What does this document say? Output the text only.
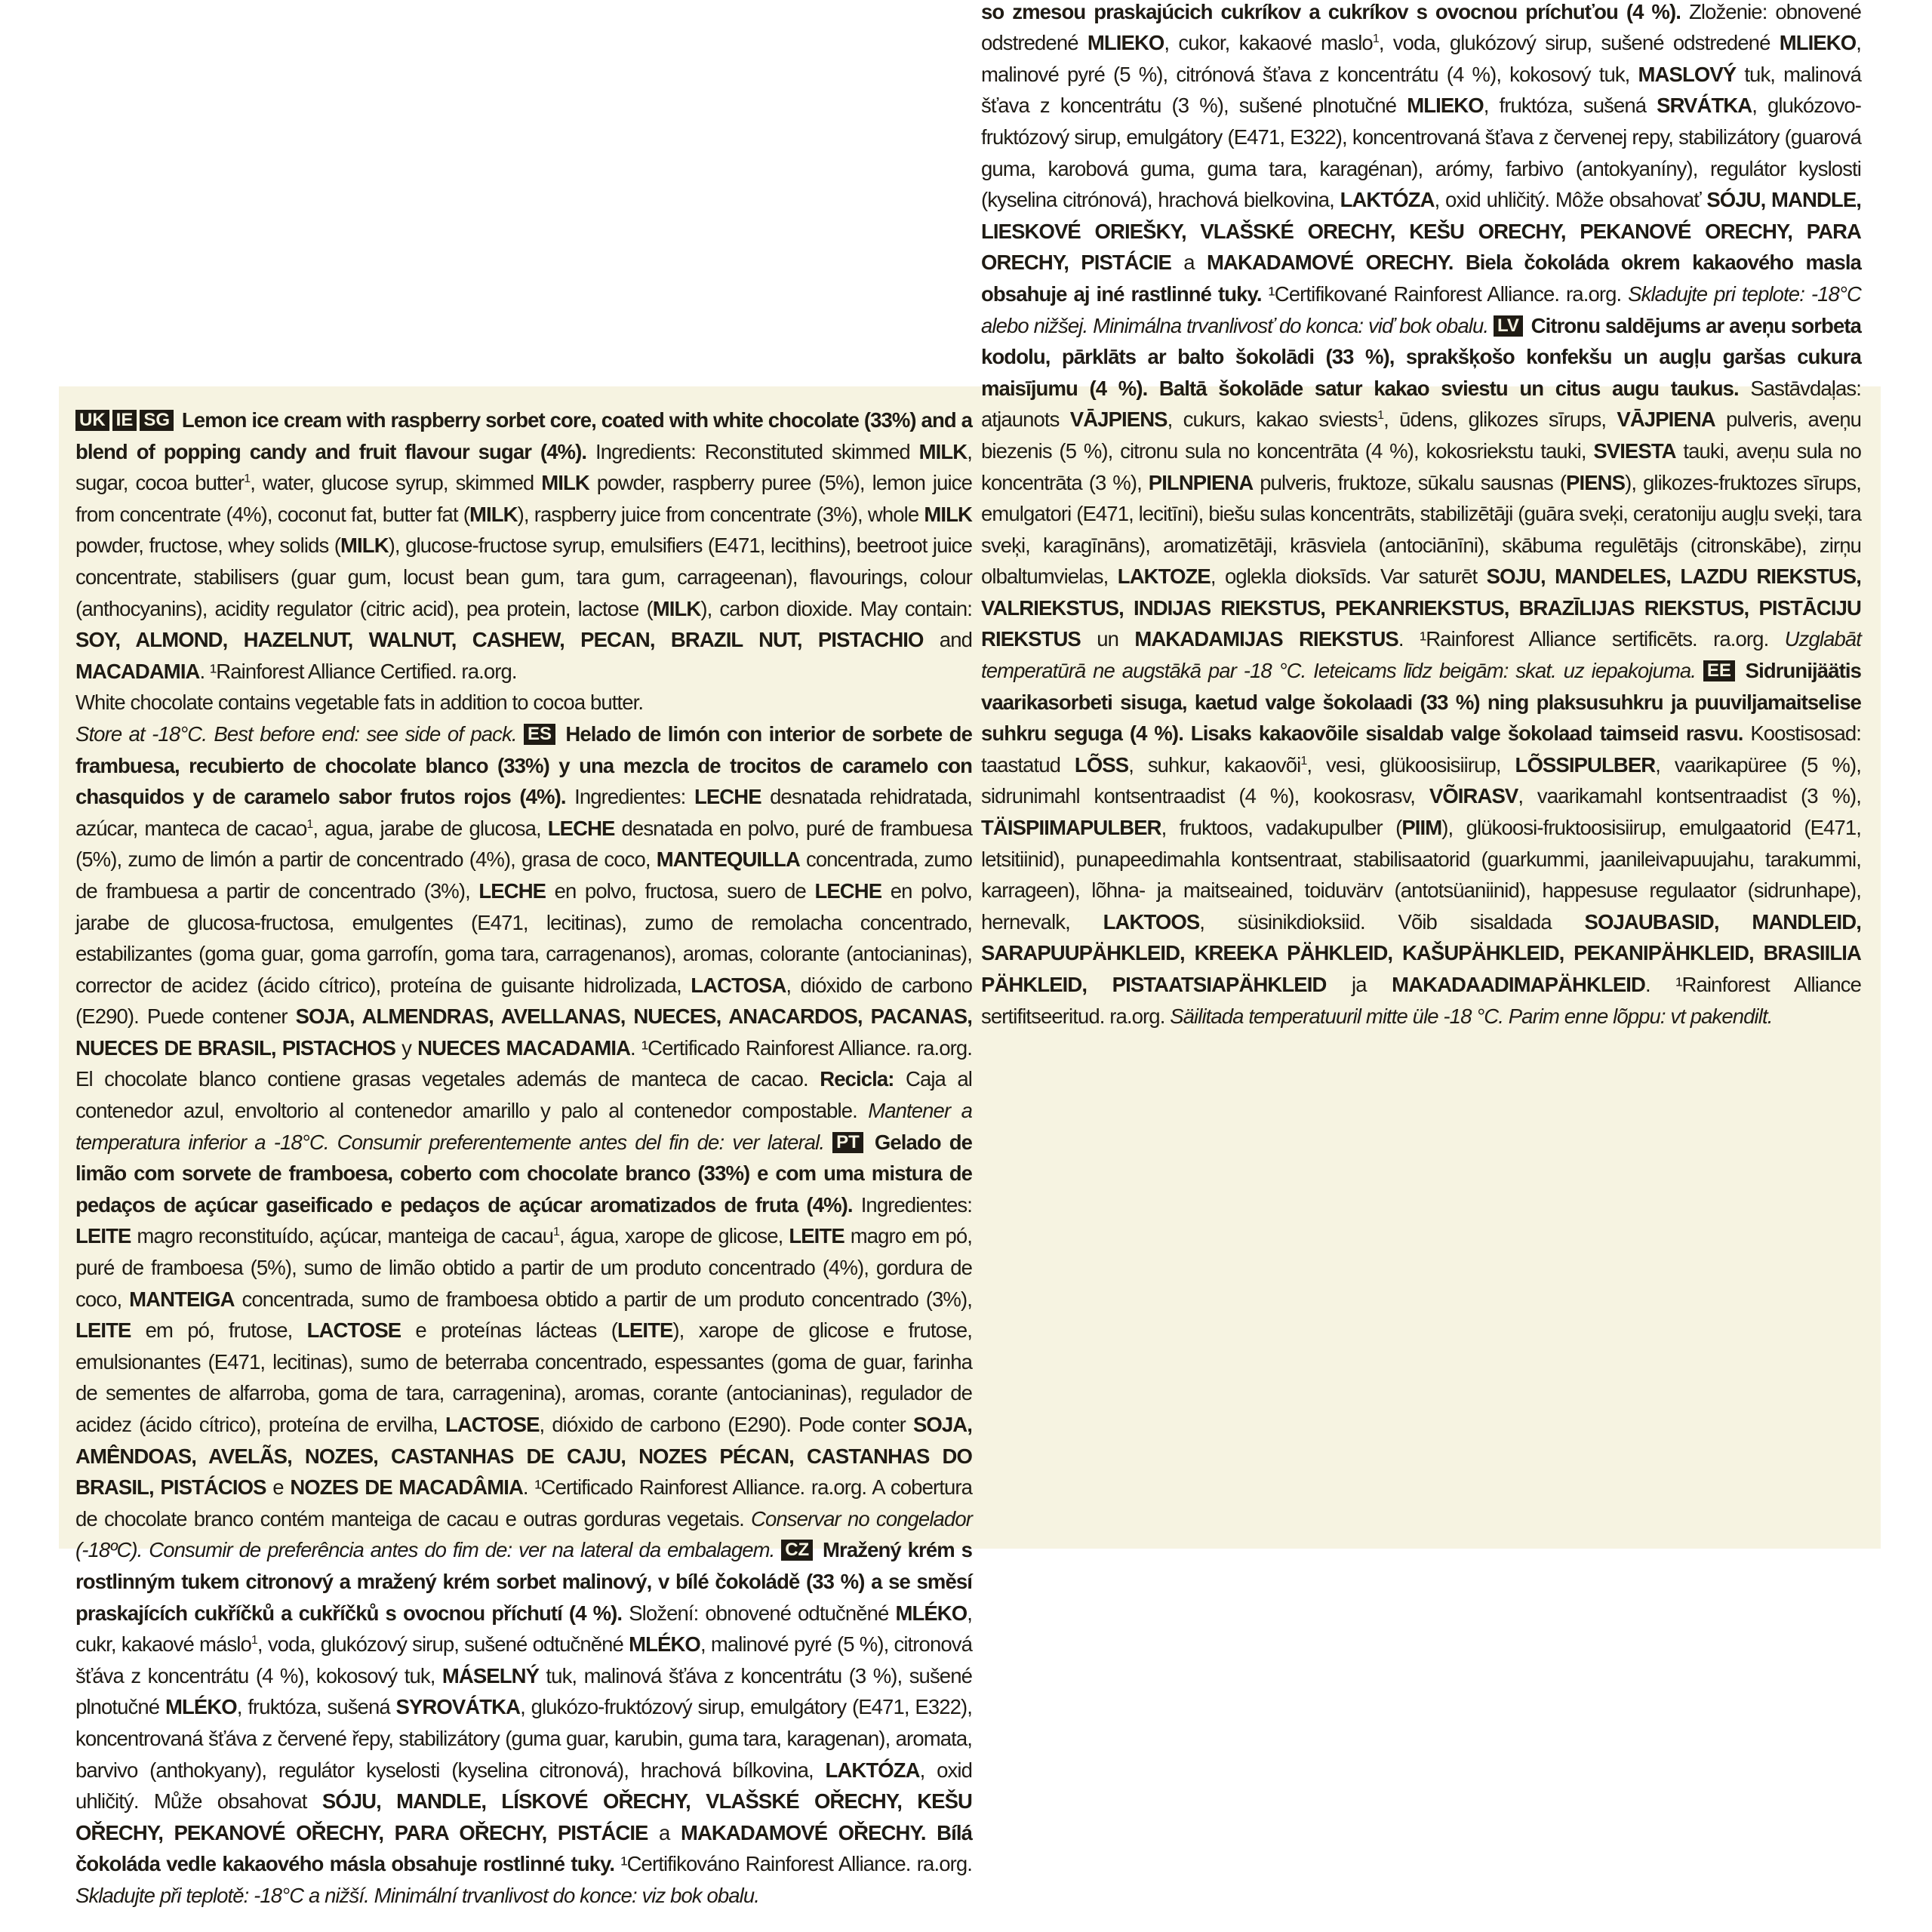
UK IE SG Lemon ice cream with raspberry sorbet core, coated with white chocolate (33%) and a blend of popping candy and fruit flavour sugar (4%). Ingredients: Reconstituted skimmed MILK, sugar, cocoa butter$^1$, water, glucose syrup, skimmed MILK powder, raspberry puree (5%), lemon juice from concentrate (4%), coconut fat, butter fat (MILK), raspberry juice from concentrate (3%), whole MILK powder, fructose, whey solids (MILK), glucose-fructose syrup, emulsifiers (E471, lecithins), beetroot juice concentrate, stabilisers (guar gum, locust bean gum, tara gum, carrageenan), flavourings, colour (anthocyanins), acidity regulator (citric acid), pea protein, lactose (MILK), carbon dioxide. May contain: SOY, ALMOND, HAZELNUT, WALNUT, CASHEW, PECAN, BRAZIL NUT, PISTACHIO and MACADAMIA. ¹Rainforest Alliance Certified. ra.org.

White chocolate contains vegetable fats in addition to cocoa butter.

Store at -18°C. Best before end: see side of pack. ES Helado de limón con interior de sorbete de frambuesa, recubierto de chocolate blanco (33%) y una mezcla de trocitos de caramelo con chasquidos y de caramelo sabor frutos rojos (4%). Ingredientes: LECHE desnatada rehidratada, azúcar, manteca de cacao$^1$, agua, jarabe de glucosa, LECHE desnatada en polvo, puré de frambuesa (5%), zumo de limón a partir de concentrado (4%), grasa de coco, MANTEQUILLA concentrada, zumo de frambuesa a partir de concentrado (3%), LECHE en polvo, fructosa, suero de LECHE en polvo, jarabe de glucosa-fructosa, emulgentes (E471, lecitinas), zumo de remolacha concentrado, estabilizantes (goma guar, goma garrofín, goma tara, carragenanos), aromas, colorante (antocianinas), corrector de acidez (ácido cítrico), proteína de guisante hidrolizada, LACTOSA, dióxido de carbono (E290). Puede contener SOJA, ALMENDRAS, AVELLANAS, NUECES, ANACARDOS, PACANAS, NUECES DE BRASIL, PISTACHOS y NUECES MACADAMIA. ¹Certificado Rainforest Alliance. ra.org. El chocolate blanco contiene grasas vegetales además de manteca de cacao. Recicla: Caja al contenedor azul, envoltorio al contenedor amarillo y palo al contenedor compostable. Mantener a temperatura inferior a -18°C. Consumir preferentemente antes del fin de: ver lateral. PT Gelado de limão com sorvete de framboesa, coberto com chocolate branco (33%) e com uma mistura de pedaços de açúcar gaseificado e pedaços de açúcar aromatizados de fruta (4%). Ingredientes: LEITE magro reconstituído, açúcar, manteiga de cacau$^1$, água, xarope de glicose, LEITE magro em pó, puré de framboesa (5%), sumo de limão obtido a partir de um produto concentrado (4%), gordura de coco, MANTEIGA concentrada, sumo de framboesa obtido a partir de um produto concentrado (3%), LEITE em pó, frutose, LACTOSE e proteínas lácteas (LEITE), xarope de glicose e frutose, emulsionantes (E471, lecitinas), sumo de beterraba concentrado, espessantes (goma de guar, farinha de sementes de alfarroba, goma de tara, carragenina), aromas, corante (antocianinas), regulador de acidez (ácido cítrico), proteína de ervilha, LACTOSE, dióxido de carbono (E290). Pode conter SOJA, AMÊNDOAS, AVELÃS, NOZES, CASTANHAS DE CAJU, NOZES PÉCAN, CASTANHAS DO BRASIL, PISTÁCIOS e NOZES DE MACADÂMIA. ¹Certificado Rainforest Alliance. ra.org. A cobertura de chocolate branco contém manteiga de cacau e outras gorduras vegetais. Conservar no congelador (-18ºC). Consumir de preferência antes do fim de: ver na lateral da embalagem. CZ Mražený krém s rostlinným tukem citronový a mražený krém sorbet malinový, v bílé čokoládě (33 %) a se směsí praskajících cukříčků a cukříčků s ovocnou příchutí (4 %). Složení: obnovené odtučněné MLÉKO, cukr, kakaové máslo$^1$, voda, glukózový sirup, sušené odtučněné MLÉKO, malinové pyré (5 %), citronová šťáva z koncentrátu (4 %), kokosový tuk, MÁSELNÝ tuk, malinová šťáva z koncentrátu (3 %), sušené plnotučné MLÉKO, fruktóza, sušená SYROVÁTKA, glukózo-fruktózový sirup, emulgátory (E471, E322), koncentrovaná šťáva z červené řepy, stabilizátory (guma guar, karubin, guma tara, karagenan), aromata, barvivo (anthokyany), regulátor kyselosti (kyselina citronová), hrachová bílkovina, LAKTÓZA, oxid uhličitý. Může obsahovat SÓJU, MANDLE, LÍSKOVÉ OŘECHY, VLAŠSKÉ OŘECHY, KEŠU OŘECHY, PEKANOVÉ OŘECHY, PARA OŘECHY, PISTÁCIE a MAKADAMOVÉ OŘECHY. Bílá čokoláda vedle kakaového másla obsahuje rostlinné tuky. ¹Certifikováno Rainforest Alliance. ra.org. Skladujte při teplotě: -18°C a nižší. Minimální trvanlivost do konce: viz bok obalu.

so zmesou praskajúcich cukríkov a cukríkov s ovocnou príchuťou (4 %). Zloženie: obnovené odstredené MLIEKO, cukor, kakaové maslo$^1$, voda, glukózový sirup, sušené odstredené MLIEKO, malinové pyré (5 %), citrónová šťava z koncentrátu (4 %), kokosový tuk, MASLOVÝ tuk, malinová šťava z koncentrátu (3 %), sušené plnotučné MLIEKO, fruktóza, sušená SRVÁTKA, glukózovo-fruktózový sirup, emulgátory (E471, E322), koncentrovaná šťava z červenej repy, stabilizátory (guarová guma, karobová guma, guma tara, karagénan), arómy, farbivo (antokyaníny), regulátor kyslosti (kyselina citrónová), hrachová bielkovina, LAKTÓZA, oxid uhličitý. Môže obsahovať SÓJU, MANDLE, LIESKOVÉ ORIEŠKY, VLAŠSKÉ ORECHY, KEŠU ORECHY, PEKANOVÉ ORECHY, PARA ORECHY, PISTÁCIE a MAKADAMOVÉ ORECHY. Biela čokoláda okrem kakaového masla obsahuje aj iné rastlinné tuky. ¹Certifikované Rainforest Alliance. ra.org. Skladujte pri teplote: -18°C alebo nižšej. Minimálna trvanlivosť do konca: viď bok obalu. LV Citronu saldējums ar aveņu sorbeta kodolu, pārklāts ar balto šokolādi (33 %), sprakšķošo konfekšu un augļu garšas cukura maisījumu (4 %). Baltā šokolāde satur kakao sviestu un citus augu taukus. Sastāvdaļas: atjaunots VĀJPIENS, cukurs, kakao sviests$^1$, ūdens, glikozes sīrups, VĀJPIENA pulveris, aveņu biezenis (5 %), citronu sula no koncentrāta (4 %), kokosriekstu tauki, SVIESTA tauki, aveņu sula no koncentrāta (3 %), PILNPIENA pulveris, fruktoze, sūkalu sausnas (PIENS), glikozes-fruktozes sīrups, emulgatori (E471, lecitīni), biešu sulas koncentrāts, stabilizētāji (guāra sveķi, ceratoniju augļu sveķi, tara sveķi, karagīnāns), aromatizētāji, krāsviela (antociānīni), skābuma regulētājs (citronskābe), zirņu olbaltumvielas, LAKTOZE, ogleklа dioksīds. Var saturēt SOJU, MANDELES, LAZDU RIEKSTUS, VALRIEKSTUS, INDIJAS RIEKSTUS, PEKANRIEKSTUS, BRAZĪLIJAS RIEKSTUS, PISTĀCIJU RIEKSTUS un MAKADAMIJAS RIEKSTUS. ¹Rainforest Alliance sertificēts. ra.org. Uzglabāt temperatūrā ne augstākā par -18 °C. Ieteicams līdz beigām: skat. uz iepakojuma. EE Sidrunijäätis vaarikasorbeti sisuga, kaetud valge šokolaadi (33 %) ning plaksusuhkru ja puuviljamaitselise suhkru seguga (4 %). Lisaks kakaovõile sisaldab valge šokolaad taimseid rasvu. Koostisosad: taastatud LÕSS, suhkur, kakaovõi$^1$, vesi, glükoosisiirup, LÕSSIPULBER, vaarikapüree (5 %), sidrunimahl kontsentraadist (4 %), kookosrasv, VÕIRASV, vaarikamahl kontsentraadist (3 %), TÄISPIIMAPULBER, fruktoos, vadakupulber (PIIM), glükoosi-fruktoosisiirup, emulgaatorid (E471, letsitiinid), punapeedimahla kontsentraat, stabilisaatorid (guarkummi, jaanileivapuujahu, tarakummi, karrageen), lõhna- ja maitseained, toiduvärv (antotsüaniinid), happesuse regulaator (sidrunhape), hernevalk, LAKTOOS, süsinikdioksiid. Võib sisaldada SOJAUBASID, MANDLEID, SARAPUUPÄHKLEID, KREEKA PÄHKLEID, KAŠUPÄHKLEID, PEKANIPÄHKLEID, BRASIILIA PÄHKLEID, PISTAATSIAPÄHKLEID ja MAKADAADIMAPÄHKLEID. ¹Rainforest Alliance sertifitseeritud. ra.org. Säilitada temperatuuril mitte üle -18 °C. Parim enne lõppu: vt pakendilt.
